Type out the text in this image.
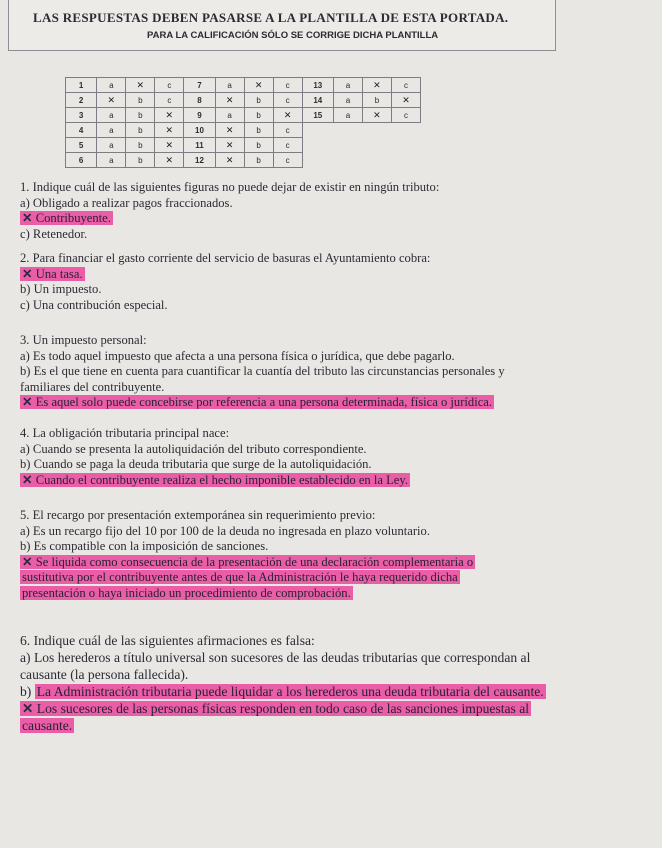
LAS RESPUESTAS DEBEN PASARSE A LA PLANTILLA DE ESTA PORTADA.
PARA LA CALIFICACIÓN SÓLO SE CORRIGE DICHA PLANTILLA
1	a	✕	c	7	a	✕	c	13	a	✕	c
2	✕	b	c	8	✕	b	c	14	a	b	✕
3	a	b	✕	9	a	b	✕	15	a	✕	c
4	a	b	✕	10	✕	b	c				
5	a	b	✕	11	✕	b	c				
6	a	b	✕	12	✕	b	c				

1. Indique cuál de las siguientes figuras no puede dejar de existir en ningún tributo:

a) Obligado a realizar pagos fraccionados.

✕ Contribuyente.

c) Retenedor.

2. Para financiar el gasto corriente del servicio de basuras el Ayuntamiento cobra:

✕ Una tasa.

b) Un impuesto.

c) Una contribución especial.

3. Un impuesto personal:

a) Es todo aquel impuesto que afecta a una persona física o jurídica, que debe pagarlo.

b) Es el que tiene en cuenta para cuantificar la cuantía del tributo las circunstancias personales y

familiares del contribuyente.

✕ Es aquel solo puede concebirse por referencia a una persona determinada, física o jurídica.

4. La obligación tributaria principal nace:

a) Cuando se presenta la autoliquidación del tributo correspondiente.

b) Cuando se paga la deuda tributaria que surge de la autoliquidación.

✕ Cuando el contribuyente realiza el hecho imponible establecido en la Ley.

5. El recargo por presentación extemporánea sin requerimiento previo:

a) Es un recargo fijo del 10 por 100 de la deuda no ingresada en plazo voluntario.

b) Es compatible con la imposición de sanciones.

✕ Se liquida como consecuencia de la presentación de una declaración complementaria o

sustitutiva por el contribuyente antes de que la Administración le haya requerido dicha

presentación o haya iniciado un procedimiento de comprobación.

6. Indique cuál de las siguientes afirmaciones es falsa:

a) Los herederos a título universal son sucesores de las deudas tributarias que correspondan al

causante (la persona fallecida).

b) La Administración tributaria puede liquidar a los herederos una deuda tributaria del causante.

✕ Los sucesores de las personas físicas responden en todo caso de las sanciones impuestas al

causante.
